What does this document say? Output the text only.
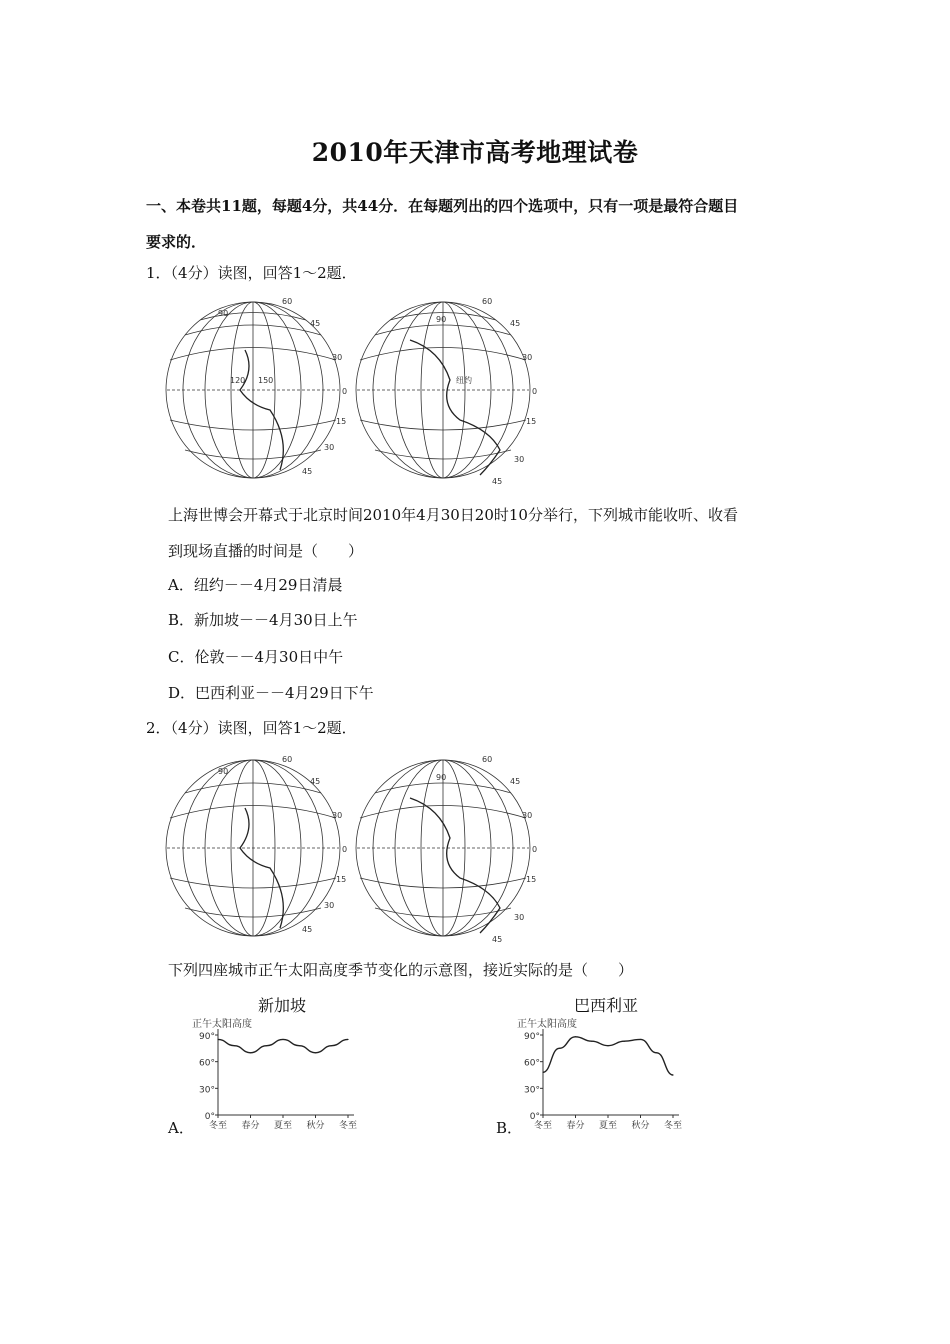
2010年天津市高考地理试卷
一、本卷共11题，每题4分，共44分．在每题列出的四个选项中，只有一项是最符合题目
要求的．
1．（4分）读图，回答1～2题．
90
60
45
30
0
15
30
45
120 150
90
60
45
30
0
15
30
45
纽约
上海世博会开幕式于北京时间2010年4月30日20时10分举行，下列城市能收听、收看
到现场直播的时间是（　　）
A．纽约－－4月29日清晨
B．新加坡－－4月30日上午
C．伦敦－－4月30日中午
D．巴西利亚－－4月29日下午
2．（4分）读图，回答1～2题．
90
60
45
30
0
15
30
45
90
60
45
30
0
15
30
45
下列四座城市正午太阳高度季节变化的示意图，接近实际的是（　　）
新加坡	巴西利亚
正午太阳高度
90°
60°
30°
0°
冬至 春分 夏至 秋分 冬至
正午太阳高度
90°
60°
30°
0°
冬至 春分 夏至 秋分 冬至
A．	B．
